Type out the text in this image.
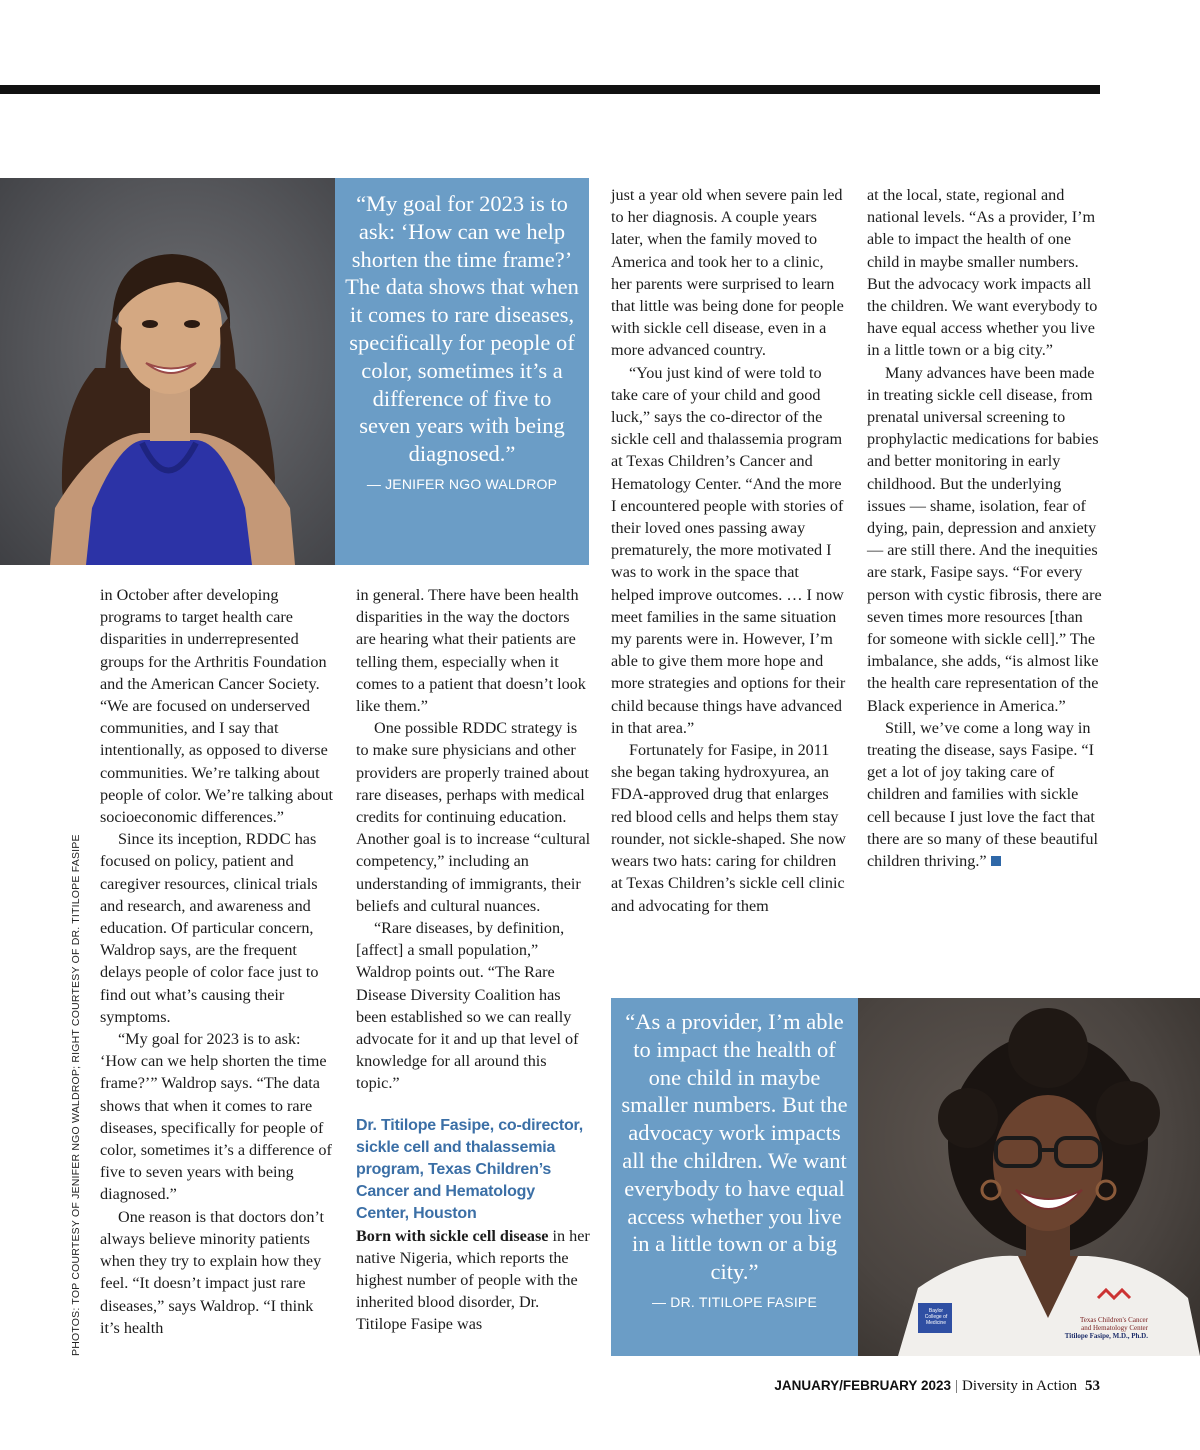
“My goal for 2023 is to ask: ‘How can we help shorten the time frame?’ The data shows that when it comes to rare diseases, specifically for people of color, sometimes it’s a difference of five to seven years with being diagnosed.”
— JENIFER NGO WALDROP

just a year old when severe pain led to her diagnosis. A couple years later, when the family moved to America and took her to a clinic, her parents were surprised to learn that little was being done for people with sickle cell disease, even in a more advanced country.

“You just kind of were told to take care of your child and good luck,” says the co-director of the sickle cell and thalassemia program at Texas Children’s Cancer and Hematology Center. “And the more I encountered people with stories of their loved ones passing away prematurely, the more motivated I was to work in the space that helped improve outcomes. … I now meet families in the same situation my parents were in. However, I’m able to give them more hope and more strategies and options for their child because things have advanced in that area.”

Fortunately for Fasipe, in 2011 she began taking hydroxyurea, an FDA-approved drug that enlarges red blood cells and helps them stay rounder, not sickle-shaped. She now wears two hats: caring for children at Texas Children’s sickle cell clinic and advocating for them

at the local, state, regional and national levels. “As a provider, I’m able to impact the health of one child in maybe smaller numbers. But the advocacy work impacts all the children. We want everybody to have equal access whether you live in a little town or a big city.”

Many advances have been made in treating sickle cell disease, from prenatal universal screening to prophylactic medications for babies and better monitoring in early childhood. But the underlying issues — shame, isolation, fear of dying, pain, depression and anxiety — are still there. And the inequities are stark, Fasipe says. “For every person with cystic fibrosis, there are seven times more resources [than for someone with sickle cell].” The imbalance, she adds, “is almost like the health care representation of the Black experience in America.”

Still, we’ve come a long way in treating the disease, says Fasipe. “I get a lot of joy taking care of children and families with sickle cell because I just love the fact that there are so many of these beautiful children thriving.”

in October after developing programs to target health care disparities in underrepresented groups for the Arthritis Foundation and the American Cancer Society. “We are focused on underserved communities, and I say that intentionally, as opposed to diverse communities. We’re talking about people of color. We’re talking about socioeconomic differences.”

Since its inception, RDDC has focused on policy, patient and caregiver resources, clinical trials and research, and awareness and education. Of particular concern, Waldrop says, are the frequent delays people of color face just to find out what’s causing their symptoms.

“My goal for 2023 is to ask: ‘How can we help shorten the time frame?’” Waldrop says. “The data shows that when it comes to rare diseases, specifically for people of color, sometimes it’s a difference of five to seven years with being diagnosed.”

One reason is that doctors don’t always believe minority patients when they try to explain how they feel. “It doesn’t impact just rare diseases,” says Waldrop. “I think it’s health

in general. There have been health disparities in the way the doctors are hearing what their patients are telling them, especially when it comes to a patient that doesn’t look like them.”

One possible RDDC strategy is to make sure physicians and other providers are properly trained about rare diseases, perhaps with medical credits for continuing education. Another goal is to increase “cultural competency,” including an understanding of immigrants, their beliefs and cultural nuances.

“Rare diseases, by definition, [affect] a small population,” Waldrop points out. “The Rare Disease Diversity Coalition has been established so we can really advocate for it and up that level of knowledge for all around this topic.”

Dr. Titilope Fasipe, co-director, sickle cell and thalassemia program, Texas Children’s Cancer and Hematology Center, Houston

Born with sickle cell disease in her native Nigeria, which reports the highest number of people with the inherited blood disorder, Dr. Titilope Fasipe was

“As a provider, I’m able to impact the health of one child in maybe smaller numbers. But the advocacy work impacts all the children. We want everybody to have equal access whether you live in a little town or a big city.”
— DR. TITILOPE FASIPE
Baylor College of Medicine	Texas Children's Cancer
and Hematology Center
Titilope Fasipe, M.D., Ph.D.
PHOTOS: TOP COURTESY OF JENIFER NGO WALDROP; RIGHT COURTESY OF DR. TITILOPE FASIPE
JANUARY/FEBRUARY 2023 | Diversity in Action 53
